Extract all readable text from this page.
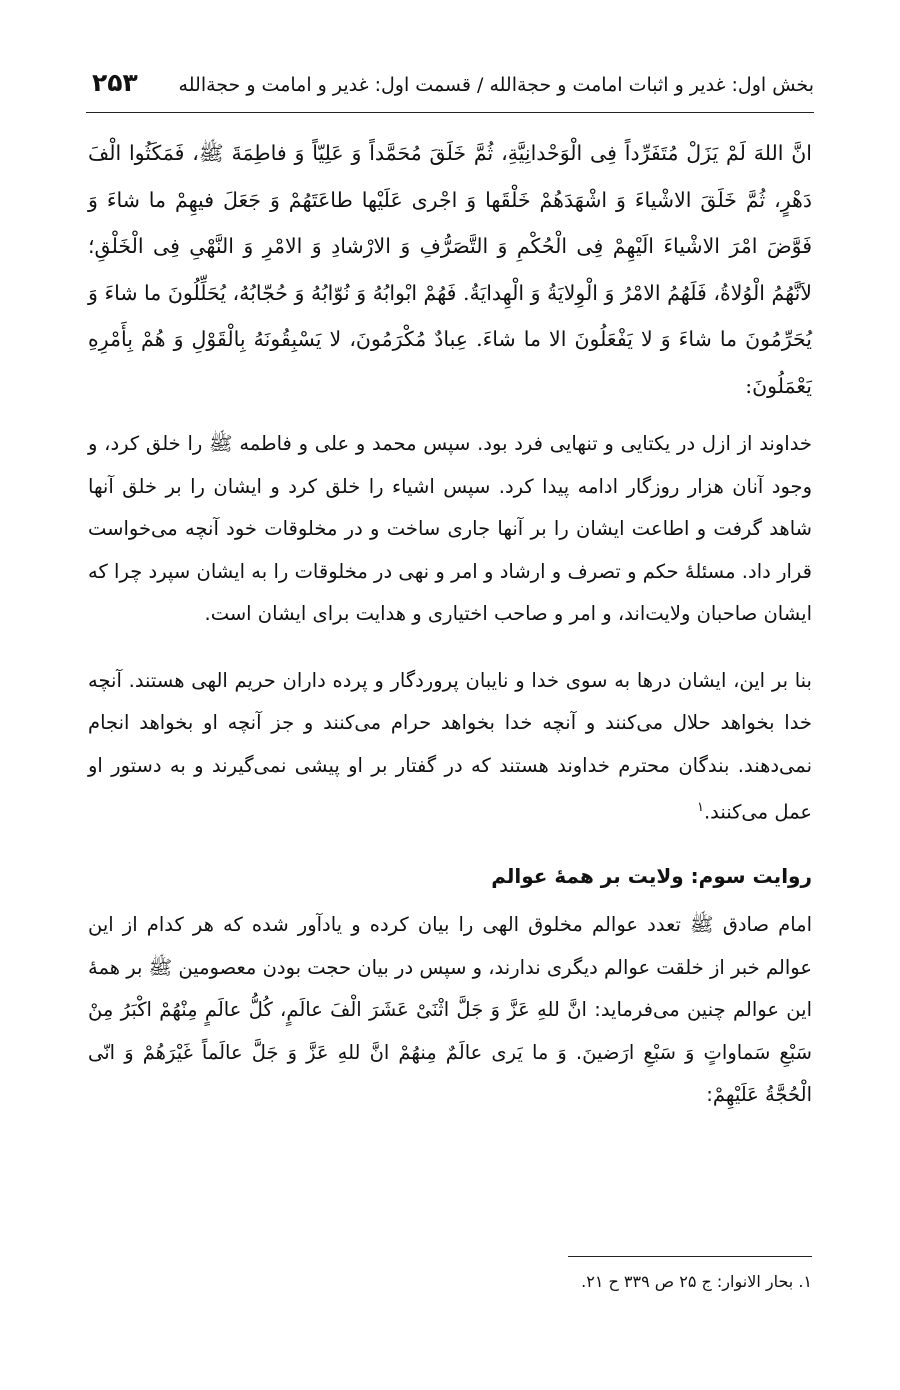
بخش اول: غدیر و اثبات امامت و حجةالله / قسمت اول: غدیر و امامت و حجةالله
۲۵۳

انَّ اللهَ لَمْ يَزَلْ مُتَفَرِّداً فِی الْوَحْدانِیَّةِ، ثُمَّ خَلَقَ مُحَمَّداً وَ عَلِیّاً وَ فاطِمَةَ ﷺ، فَمَکَثُوا الْفَ دَهْرٍ، ثُمَّ خَلَقَ الاشْیاءَ وَ اشْهَدَهُمْ خَلْقَها وَ اجْری عَلَیْها طاعَتَهُمْ وَ جَعَلَ فیهِمْ ما شاءَ وَ فَوَّضَ امْرَ الاشْیاءَ الَیْهِمْ فِی الْحُکْمِ وَ التَّصَرُّفِ وَ الارْشادِ وَ الامْرِ وَ النَّهْیِ فِی الْخَلْقِ؛ لاَنَّهُمُ الْوُلاةُ، فَلَهُمُ الامْرُ وَ الْوِلایَةُ وَ الْهِدایَةُ. فَهُمْ ابْوابُهُ وَ نُوّابُهُ وَ حُجّابُهُ، یُحَلِّلُونَ ما شاءَ وَ یُحَرِّمُونَ ما شاءَ وَ لا یَفْعَلُونَ الا ما شاءَ. عِبادٌ مُکْرَمُونَ، لا یَسْبِقُونَهُ بِالْقَوْلِ وَ هُمْ بِأَمْرِهِ یَعْمَلُونَ:

خداوند از ازل در یکتایی و تنهایی فرد بود. سپس محمد و علی و فاطمه ﷺ را خلق کرد، و وجود آنان هزار روزگار ادامه پیدا کرد. سپس اشیاء را خلق کرد و ایشان را بر خلق آنها شاهد گرفت و اطاعت ایشان را بر آنها جاری ساخت و در مخلوقات خود آنچه می‌خواست قرار داد. مسئلهٔ حکم و تصرف و ارشاد و امر و نهی در مخلوقات را به ایشان سپرد چرا که ایشان صاحبان ولایت‌اند، و امر و صاحب اختیاری و هدایت برای ایشان است.

بنا بر این، ایشان درها به سوی خدا و نایبان پروردگار و پرده داران حریم الهی هستند. آنچه خدا بخواهد حلال می‌کنند و آنچه خدا بخواهد حرام می‌کنند و جز آنچه او بخواهد انجام نمی‌دهند. بندگان محترم خداوند هستند که در گفتار بر او پیشی نمی‌گیرند و به دستور او عمل می‌کنند.$^۱$

روایت سوم: ولایت بر همهٔ عوالم

امام صادق ﷺ تعدد عوالم مخلوق الهی را بیان کرده و یادآور شده که هر کدام از این عوالم خبر از خلقت عوالم دیگری ندارند، و سپس در بیان حجت بودن معصومین ﷺ بر همهٔ این عوالم چنین می‌فرماید: انَّ للهِ عَزَّ وَ جَلَّ اثْنَیْ عَشَرَ الْفَ عالَمٍ، کُلُّ عالَمٍ مِنْهُمْ اکْبَرُ مِنْ سَبْعِ سَماواتٍ وَ سَبْعِ ارَضینَ. وَ ما یَری عالَمٌ مِنهُمْ انَّ للهِ عَزَّ وَ جَلَّ عالَماً غَیْرَهُمْ وَ انّی الْحُجَّةُ عَلَیْهِمْ:

۱. بحار الانوار: ج ۲۵ ص ۳۳۹ ح ۲۱.
